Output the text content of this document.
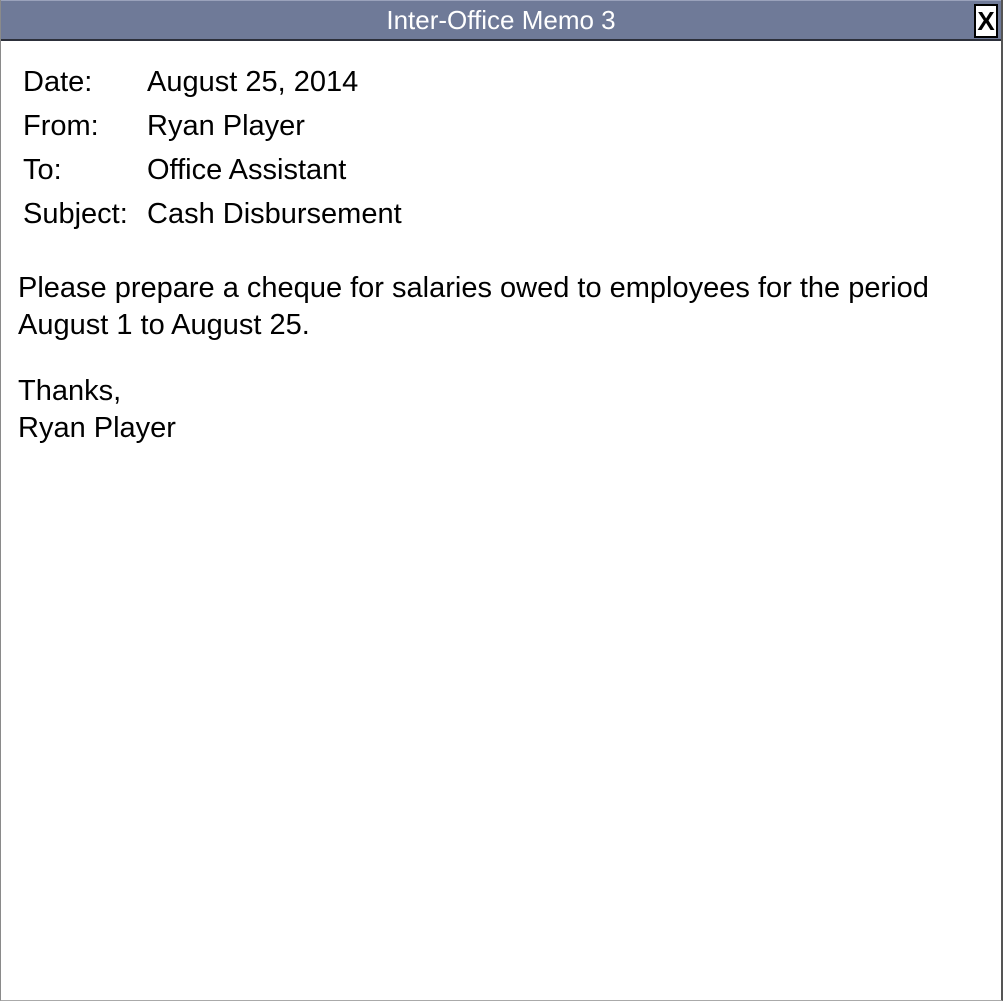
Inter-Office Memo 3	X
Date: August 25, 2014
From: Ryan Player
To:	Office Assistant
Subject: Cash Disbursement
Please prepare a cheque for salaries owed to employees for the period August 1 to August 25.
Thanks,
Ryan Player
